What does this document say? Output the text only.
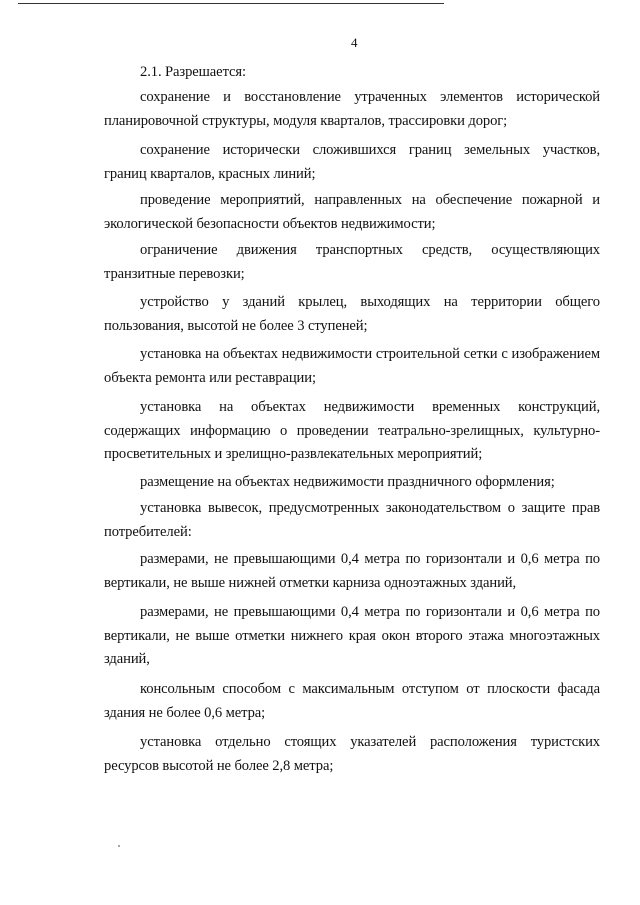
4

2.1. Разрешается:

сохранение и восстановление утраченных элементов исторической планировочной структуры, модуля кварталов, трассировки дорог;

сохранение исторически сложившихся границ земельных участков, границ кварталов, красных линий;

проведение мероприятий, направленных на обеспечение пожарной и экологической безопасности объектов недвижимости;

ограничение движения транспортных средств, осуществляющих транзитные перевозки;

устройство у зданий крылец, выходящих на территории общего пользования, высотой не более 3 ступеней;

установка на объектах недвижимости строительной сетки с изображением объекта ремонта или реставрации;

установка на объектах недвижимости временных конструкций, содержащих информацию о проведении театрально-зрелищных, культурно-просветительных и зрелищно-развлекательных мероприятий;

размещение на объектах недвижимости праздничного оформления;

установка вывесок, предусмотренных законодательством о защите прав потребителей:

размерами, не превышающими 0,4 метра по горизонтали и 0,6 метра по вертикали, не выше нижней отметки карниза одноэтажных зданий,

размерами, не превышающими 0,4 метра по горизонтали и 0,6 метра по вертикали, не выше отметки нижнего края окон второго этажа многоэтажных зданий,

консольным способом с максимальным отступом от плоскости фасада здания не более 0,6 метра;

установка отдельно стоящих указателей расположения туристских ресурсов высотой не более 2,8 метра;
